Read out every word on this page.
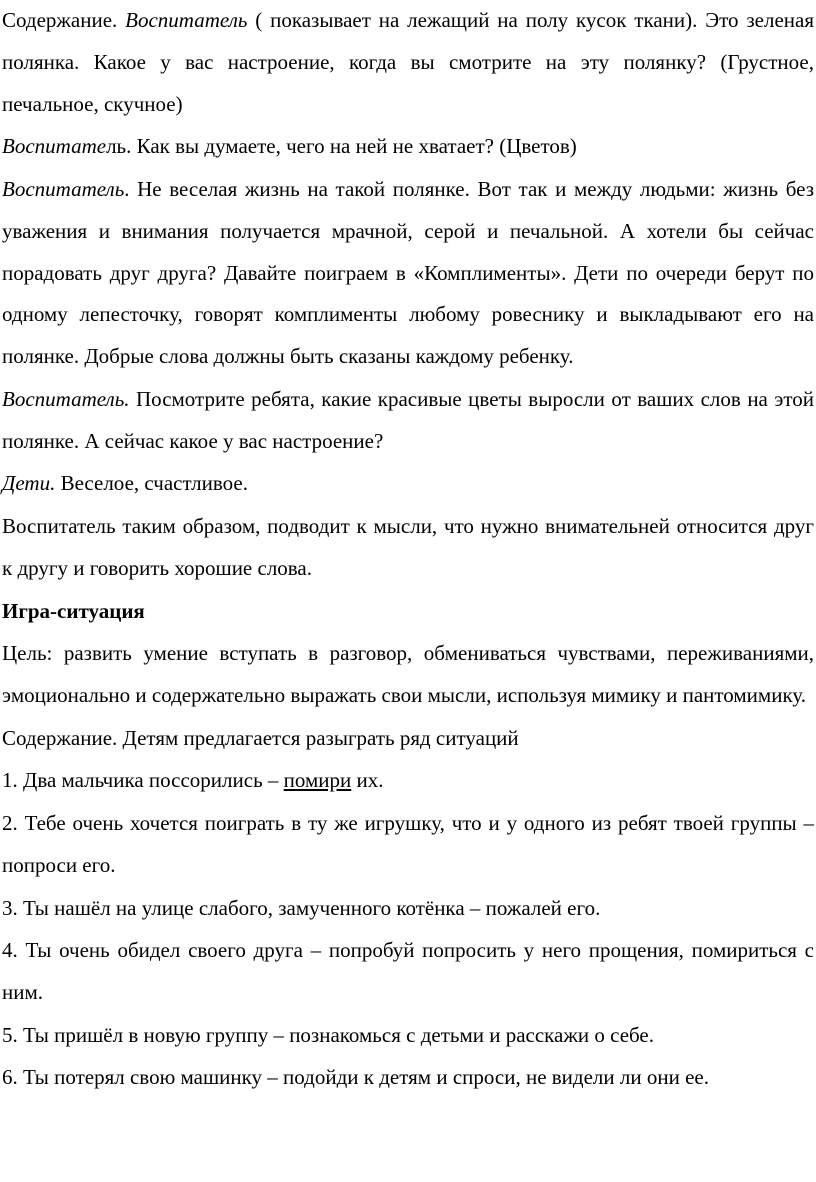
Содержание. Воспитатель ( показывает на лежащий на полу кусок ткани). Это зеленая полянка. Какое у вас настроение, когда вы смотрите на эту полянку? (Грустное, печальное, скучное)

Воспитатель. Как вы думаете, чего на ней не хватает? (Цветов)

Воспитатель. Не веселая жизнь на такой полянке. Вот так и между людьми: жизнь без уважения и внимания получается мрачной, серой и печальной. А хотели бы сейчас порадовать друг друга? Давайте поиграем в «Комплименты». Дети по очереди берут по одному лепесточку, говорят комплименты любому ровеснику и выкладывают его на полянке. Добрые слова должны быть сказаны каждому ребенку.

Воспитатель. Посмотрите ребята, какие красивые цветы выросли от ваших слов на этой полянке. А сейчас какое у вас настроение?

Дети. Веселое, счастливое.

Воспитатель таким образом, подводит к мысли, что нужно внимательней относится друг к другу и говорить хорошие слова.

Игра-ситуация

Цель: развить умение вступать в разговор, обмениваться чувствами, переживаниями, эмоционально и содержательно выражать свои мысли, используя мимику и пантомимику.

Содержание. Детям предлагается разыграть ряд ситуаций

1. Два мальчика поссорились – помири их.

2. Тебе очень хочется поиграть в ту же игрушку, что и у одного из ребят твоей группы – попроси его.

3. Ты нашёл на улице слабого, замученного котёнка – пожалей его.

4. Ты очень обидел своего друга – попробуй попросить у него прощения, помириться с ним.

5. Ты пришёл в новую группу – познакомься с детьми и расскажи о себе.

6. Ты потерял свою машинку – подойди к детям и спроси, не видели ли они ее.
